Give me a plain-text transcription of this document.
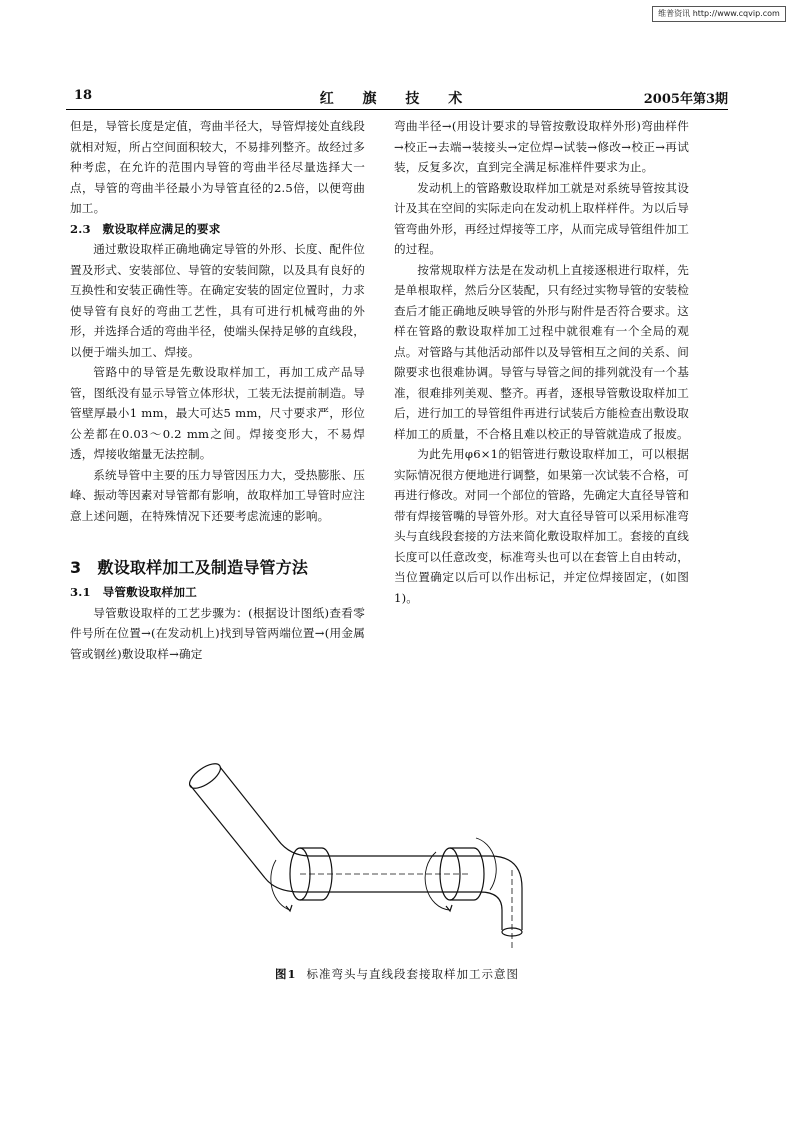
维普资讯 http://www.cqvip.com
18	红 旗 技 术	2005年第3期

但是，导管长度是定值，弯曲半径大，导管焊接处直线段就相对短，所占空间面积较大，不易排列整齐。故经过多种考虑，在允许的范围内导管的弯曲半径尽量选择大一点，导管的弯曲半径最小为导管直径的2.5倍，以便弯曲加工。

2.3　敷设取样应满足的要求

通过敷设取样正确地确定导管的外形、长度、配件位置及形式、安装部位、导管的安装间隙，以及具有良好的互换性和安装正确性等。在确定安装的固定位置时，力求使导管有良好的弯曲工艺性，具有可进行机械弯曲的外形，并选择合适的弯曲半径，使端头保持足够的直线段，以便于端头加工、焊接。

管路中的导管是先敷设取样加工，再加工成产品导管，图纸没有显示导管立体形状，工装无法提前制造。导管壁厚最小1 mm，最大可达5 mm，尺寸要求严，形位公差都在0.03～0.2 mm之间。焊接变形大，不易焊透，焊接收缩量无法控制。

系统导管中主要的压力导管因压力大，受热膨胀、压峰、振动等因素对导管都有影响，故取样加工导管时应注意上述问题，在特殊情况下还要考虑流速的影响。

3　敷设取样加工及制造导管方法
3.1　导管敷设取样加工

导管敷设取样的工艺步骤为：(根据设计图纸)查看零件号所在位置→(在发动机上)找到导管两端位置→(用金属管或钢丝)敷设取样→确定

弯曲半径→(用设计要求的导管按敷设取样外形)弯曲样件→校正→去端→装接头→定位焊→试装→修改→校正→再试装，反复多次，直到完全满足标准样件要求为止。

发动机上的管路敷设取样加工就是对系统导管按其设计及其在空间的实际走向在发动机上取样样件。为以后导管弯曲外形，再经过焊接等工序，从而完成导管组件加工的过程。

按常规取样方法是在发动机上直接逐根进行取样，先是单根取样，然后分区装配，只有经过实物导管的安装检查后才能正确地反映导管的外形与附件是否符合要求。这样在管路的敷设取样加工过程中就很难有一个全局的观点。对管路与其他活动部件以及导管相互之间的关系、间隙要求也很难协调。导管与导管之间的排列就没有一个基准，很难排列美观、整齐。再者，逐根导管敷设取样加工后，进行加工的导管组件再进行试装后方能检查出敷设取样加工的质量，不合格且难以校正的导管就造成了报废。

为此先用φ6×1的铝管进行敷设取样加工，可以根据实际情况很方便地进行调整，如果第一次试装不合格，可再进行修改。对同一个部位的管路，先确定大直径导管和带有焊接管嘴的导管外形。对大直径导管可以采用标准弯头与直线段套接的方法来简化敷设取样加工。套接的直线长度可以任意改变，标准弯头也可以在套管上自由转动，当位置确定以后可以作出标记，并定位焊接固定，(如图1)。

图1 标准弯头与直线段套接取样加工示意图
